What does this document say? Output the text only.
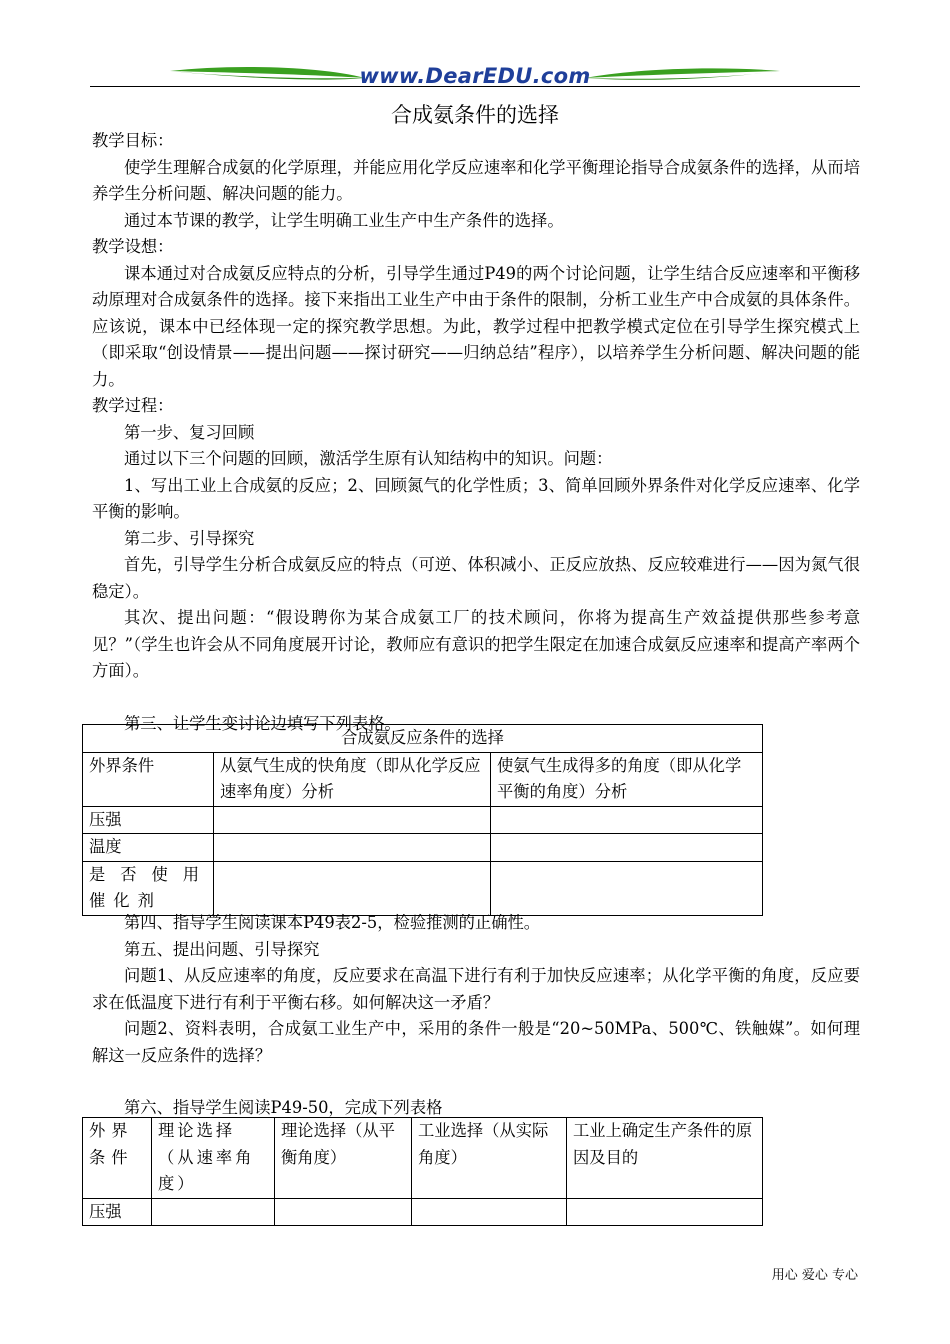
www.DearEDU.com
合成氨条件的选择

教学目标：

使学生理解合成氨的化学原理，并能应用化学反应速率和化学平衡理论指导合成氨条件的选择，从而培养学生分析问题、解决问题的能力。

通过本节课的教学，让学生明确工业生产中生产条件的选择。

教学设想：

课本通过对合成氨反应特点的分析，引导学生通过P49的两个讨论问题，让学生结合反应速率和平衡移动原理对合成氨条件的选择。接下来指出工业生产中由于条件的限制，分析工业生产中合成氨的具体条件。应该说，课本中已经体现一定的探究教学思想。为此，教学过程中把教学模式定位在引导学生探究模式上（即采取“创设情景——提出问题——探讨研究——归纳总结”程序），以培养学生分析问题、解决问题的能力。

教学过程：

第一步、复习回顾

通过以下三个问题的回顾，激活学生原有认知结构中的知识。问题：

1、写出工业上合成氨的反应；2、回顾氮气的化学性质；3、简单回顾外界条件对化学反应速率、化学平衡的影响。

第二步、引导探究

首先，引导学生分析合成氨反应的特点（可逆、体积减小、正反应放热、反应较难进行——因为氮气很稳定）。

其次、提出问题：“假设聘你为某合成氨工厂的技术顾问，你将为提高生产效益提供那些参考意见？”（学生也许会从不同角度展开讨论，教师应有意识的把学生限定在加速合成氨反应速率和提高产率两个方面）。

第三、让学生变讨论边填写下列表格。

合成氨反应条件的选择		
外界条件	从氨气生成的快角度（即从化学反应速率角度）分析	使氨气生成得多的角度（即从化学平衡的角度）分析
压强		
温度		
是否使用催化剂		

第四、指导学生阅读课本P49表2-5，检验推测的正确性。

第五、提出问题、引导探究

问题1、从反应速率的角度，反应要求在高温下进行有利于加快反应速率；从化学平衡的角度，反应要求在低温度下进行有利于平衡右移。如何解决这一矛盾？

问题2、资料表明，合成氨工业生产中，采用的条件一般是“20~50MPa、500℃、铁触媒”。如何理解这一反应条件的选择？

第六、指导学生阅读P49-50，完成下列表格

外界条件	理论选择（从速率角度）	理论选择（从平衡角度）	工业选择（从实际角度）	工业上确定生产条件的原因及目的
压强				
用心 爱心 专心
